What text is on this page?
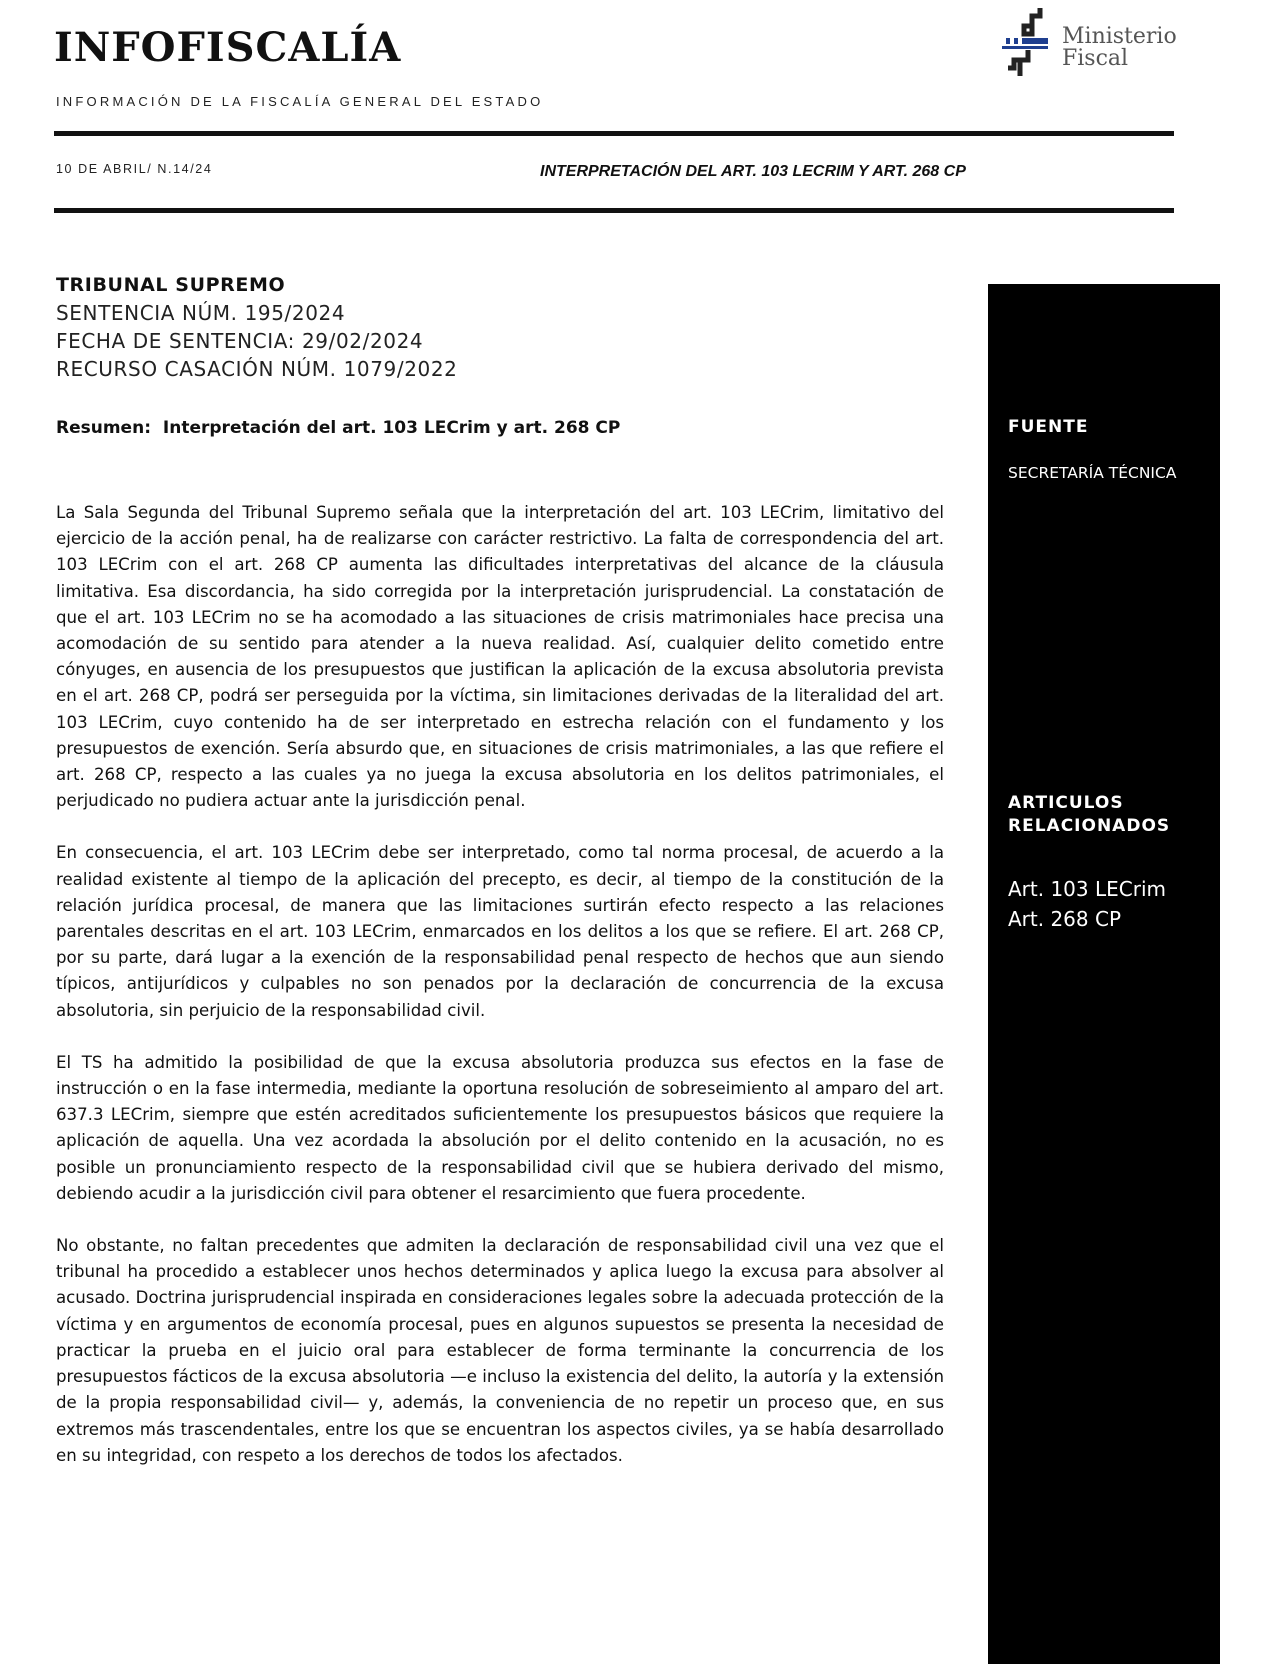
INFOFISCALÍA
INFORMACIÓN DE LA FISCALÍA GENERAL DEL ESTADO
Ministerio
Fiscal
10 DE ABRIL/ N.14/24	INTERPRETACIÓN DEL ART. 103 LECRIM Y ART. 268 CP
TRIBUNAL SUPREMO
SENTENCIA NÚM. 195/2024
FECHA DE SENTENCIA: 29/02/2024
RECURSO CASACIÓN NÚM. 1079/2022
Resumen: Interpretación del art. 103 LECrim y art. 268 CP

La Sala Segunda del Tribunal Supremo señala que la interpretación del art. 103 LECrim, limitativo del ejercicio de la acción penal, ha de realizarse con carácter restrictivo. La falta de correspondencia del art. 103 LECrim con el art. 268 CP aumenta las dificultades interpretativas del alcance de la cláusula limitativa. Esa discordancia, ha sido corregida por la interpretación jurisprudencial. La constatación de que el art. 103 LECrim no se ha acomodado a las situaciones de crisis matrimoniales hace precisa una acomodación de su sentido para atender a la nueva realidad. Así, cualquier delito cometido entre cónyuges, en ausencia de los presupuestos que justifican la aplicación de la excusa absolutoria prevista en el art. 268 CP, podrá ser perseguida por la víctima, sin limitaciones derivadas de la literalidad del art. 103 LECrim, cuyo contenido ha de ser interpretado en estrecha relación con el fundamento y los presupuestos de exención. Sería absurdo que, en situaciones de crisis matrimoniales, a las que refiere el art. 268 CP, respecto a las cuales ya no juega la excusa absolutoria en los delitos patrimoniales, el perjudicado no pudiera actuar ante la jurisdicción penal.

En consecuencia, el art. 103 LECrim debe ser interpretado, como tal norma procesal, de acuerdo a la realidad existente al tiempo de la aplicación del precepto, es decir, al tiempo de la constitución de la relación jurídica procesal, de manera que las limitaciones surtirán efecto respecto a las relaciones parentales descritas en el art. 103 LECrim, enmarcados en los delitos a los que se refiere. El art. 268 CP, por su parte, dará lugar a la exención de la responsabilidad penal respecto de hechos que aun siendo típicos, antijurídicos y culpables no son penados por la declaración de concurrencia de la excusa absolutoria, sin perjuicio de la responsabilidad civil.

El TS ha admitido la posibilidad de que la excusa absolutoria produzca sus efectos en la fase de instrucción o en la fase intermedia, mediante la oportuna resolución de sobreseimiento al amparo del art. 637.3 LECrim, siempre que estén acreditados suficientemente los presupuestos básicos que requiere la aplicación de aquella. Una vez acordada la absolución por el delito contenido en la acusación, no es posible un pronunciamiento respecto de la responsabilidad civil que se hubiera derivado del mismo, debiendo acudir a la jurisdicción civil para obtener el resarcimiento que fuera procedente.

No obstante, no faltan precedentes que admiten la declaración de responsabilidad civil una vez que el tribunal ha procedido a establecer unos hechos determinados y aplica luego la excusa para absolver al acusado. Doctrina jurisprudencial inspirada en consideraciones legales sobre la adecuada protección de la víctima y en argumentos de economía procesal, pues en algunos supuestos se presenta la necesidad de practicar la prueba en el juicio oral para establecer de forma terminante la concurrencia de los presupuestos fácticos de la excusa absolutoria —e incluso la existencia del delito, la autoría y la extensión de la propia responsabilidad civil— y, además, la conveniencia de no repetir un proceso que, en sus extremos más trascendentales, entre los que se encuentran los aspectos civiles, ya se había desarrollado en su integridad, con respeto a los derechos de todos los afectados.

FUENTE
SECRETARÍA TÉCNICA
ARTICULOS RELACIONADOS
Art. 103 LECrim
Art. 268 CP
